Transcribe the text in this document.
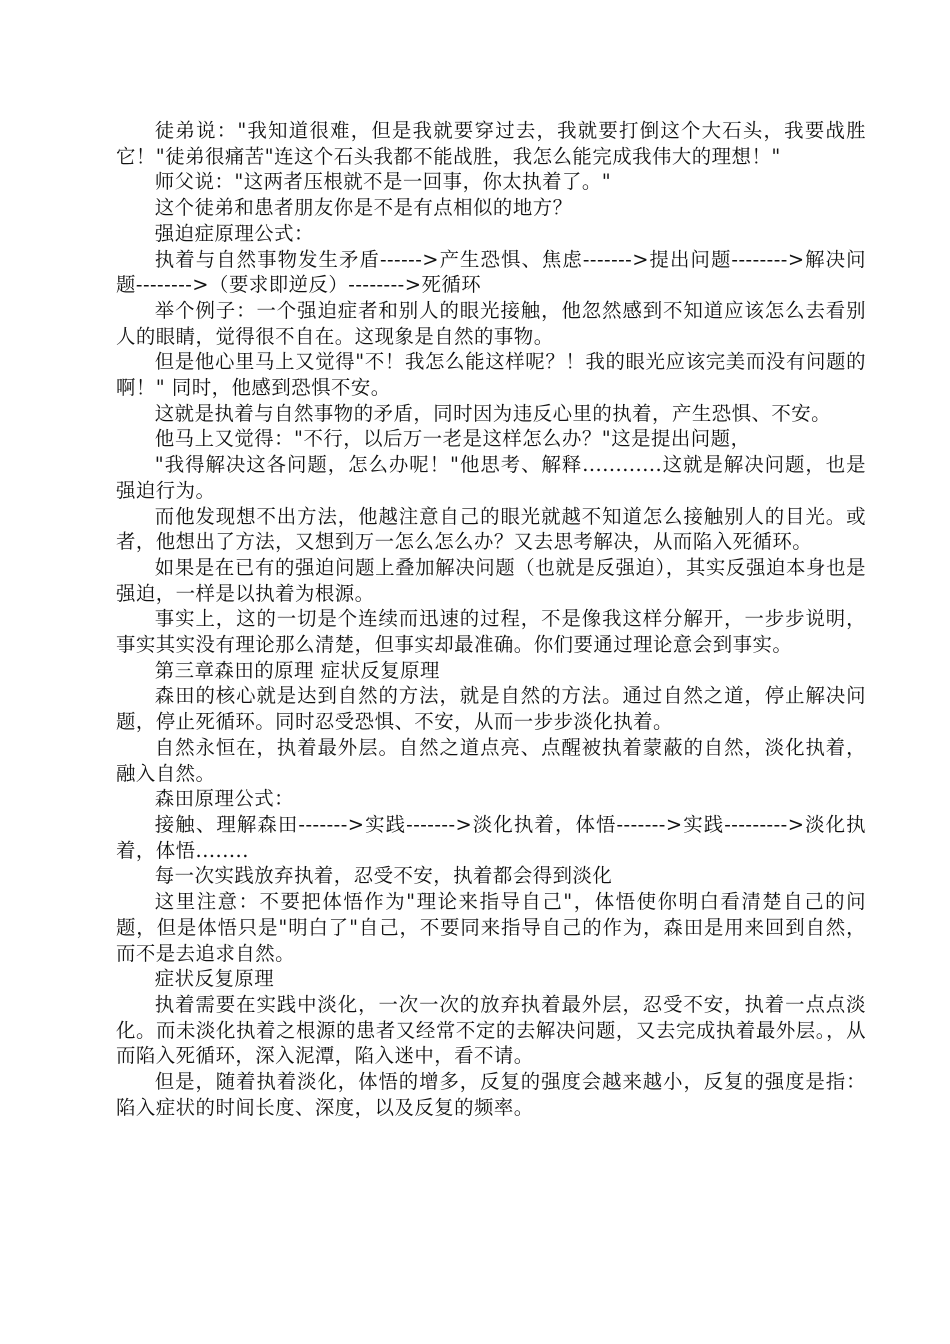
徒弟说："我知道很难，但是我就要穿过去，我就要打倒这个大石头，我要战胜它！"徒弟很痛苦"连这个石头我都不能战胜，我怎么能完成我伟大的理想！"

师父说："这两者压根就不是一回事，你太执着了。"

这个徒弟和患者朋友你是不是有点相似的地方？

强迫症原理公式：

执着与自然事物发生矛盾------>产生恐惧、焦虑------->提出问题-------->解决问题-------->（要求即逆反）-------->死循环

举个例子：一个强迫症者和别人的眼光接触，他忽然感到不知道应该怎么去看别人的眼睛，觉得很不自在。这现象是自然的事物。

但是他心里马上又觉得"不！我怎么能这样呢？！我的眼光应该完美而没有问题的啊！" 同时，他感到恐惧不安。

这就是执着与自然事物的矛盾，同时因为违反心里的执着，产生恐惧、不安。

他马上又觉得："不行，以后万一老是这样怎么办？"这是提出问题，

"我得解决这各问题，怎么办呢！"他思考、解释............这就是解决问题，也是强迫行为。

而他发现想不出方法，他越注意自己的眼光就越不知道怎么接触别人的目光。或者，他想出了方法，又想到万一怎么怎么办？又去思考解决，从而陷入死循环。

如果是在已有的强迫问题上叠加解决问题（也就是反强迫），其实反强迫本身也是强迫，一样是以执着为根源。

事实上，这的一切是个连续而迅速的过程，不是像我这样分解开，一步步说明，事实其实没有理论那么清楚，但事实却最准确。你们要通过理论意会到事实。

第三章森田的原理 症状反复原理

森田的核心就是达到自然的方法，就是自然的方法。通过自然之道，停止解决问题，停止死循环。同时忍受恐惧、不安，从而一步步淡化执着。

自然永恒在，执着最外层。自然之道点亮、点醒被执着蒙蔽的自然，淡化执着，融入自然。

森田原理公式：

接触、理解森田------->实践------->淡化执着，体悟------->实践--------->淡化执着，体悟........

每一次实践放弃执着，忍受不安，执着都会得到淡化

这里注意：不要把体悟作为"理论来指导自己"，体悟使你明白看清楚自己的问题，但是体悟只是"明白了"自己，不要同来指导自己的作为，森田是用来回到自然，而不是去追求自然。

症状反复原理

执着需要在实践中淡化，一次一次的放弃执着最外层，忍受不安，执着一点点淡化。而未淡化执着之根源的患者又经常不定的去解决问题，又去完成执着最外层。，从而陷入死循环，深入泥潭，陷入迷中，看不请。

但是，随着执着淡化，体悟的增多，反复的强度会越来越小，反复的强度是指：陷入症状的时间长度、深度，以及反复的频率。
